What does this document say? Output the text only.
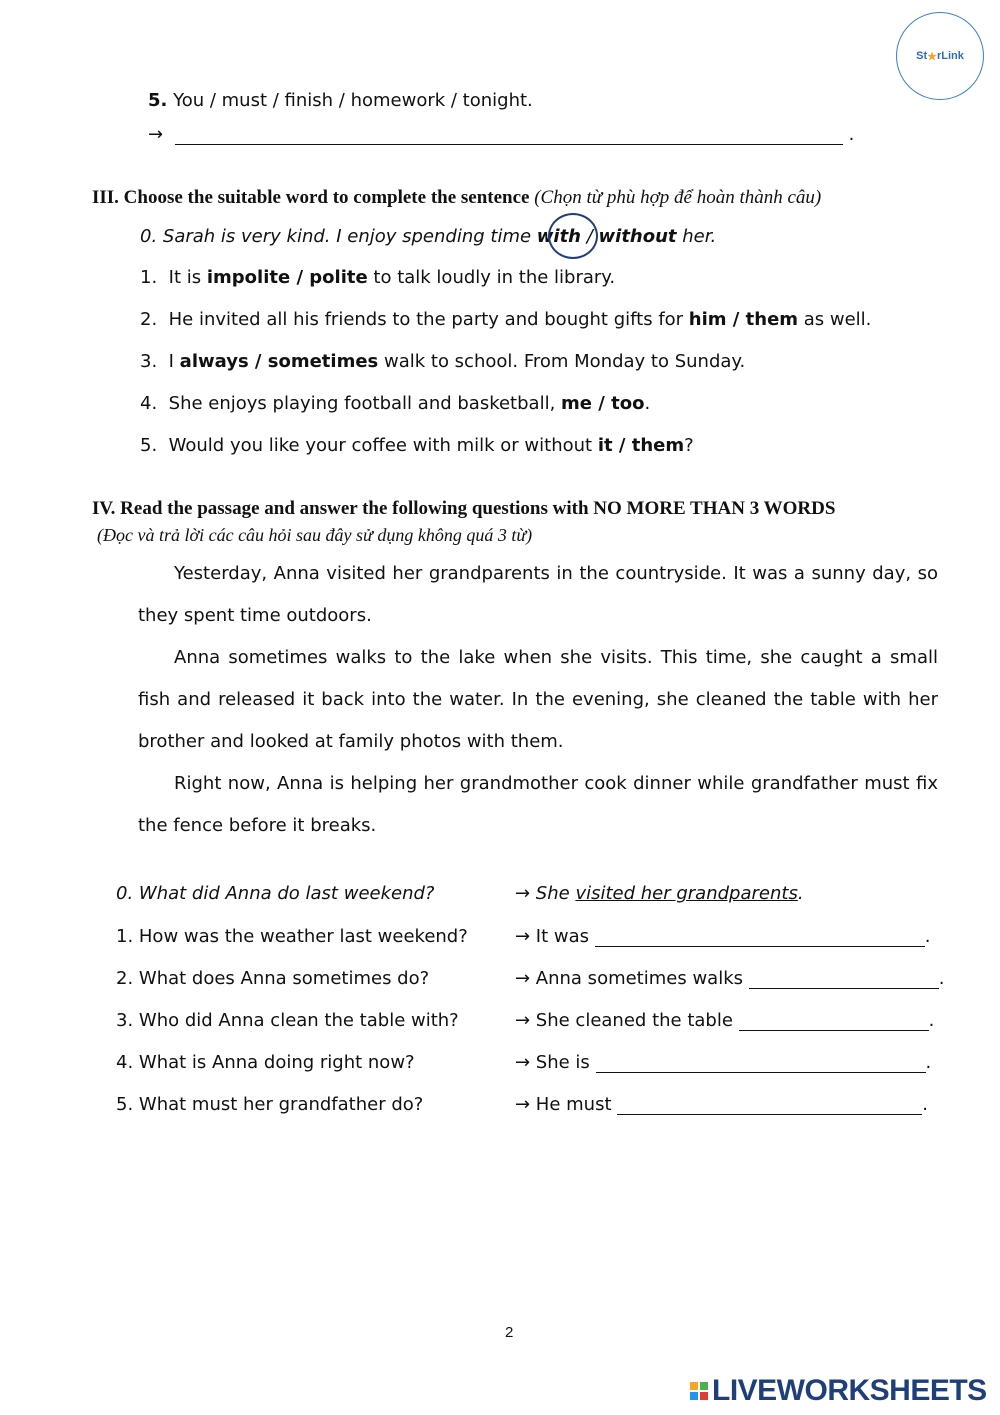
St ★ rLink
5. You / must / finish / homework / tonight.
→	.
III. Choose the suitable word to complete the sentence (Chọn từ phù hợp để hoàn thành câu)
0. Sarah is very kind. I enjoy spending time with / without her.
1. It is impolite / polite to talk loudly in the library.
2. He invited all his friends to the party and bought gifts for him / them as well.
3. I always / sometimes walk to school. From Monday to Sunday.
4. She enjoys playing football and basketball, me / too.
5. Would you like your coffee with milk or without it / them?
IV. Read the passage and answer the following questions with NO MORE THAN 3 WORDS
(Đọc và trả lời các câu hỏi sau đây sử dụng không quá 3 từ)

Yesterday, Anna visited her grandparents in the countryside. It was a sunny day, so they spent time outdoors.

Anna sometimes walks to the lake when she visits. This time, she caught a small fish and released it back into the water. In the evening, she cleaned the table with her brother and looked at family photos with them.

Right now, Anna is helping her grandmother cook dinner while grandfather must fix the fence before it breaks.

0. What did Anna do last weekend?	→ She visited her grandparents.
1. How was the weather last weekend?	→ It was	.
2. What does Anna sometimes do?	→ Anna sometimes walks	.
3. Who did Anna clean the table with?	→ She cleaned the table	.
4. What is Anna doing right now?	→ She is	.
5. What must her grandfather do?	→ He must	.
2
LIVEWORKSHEETS
